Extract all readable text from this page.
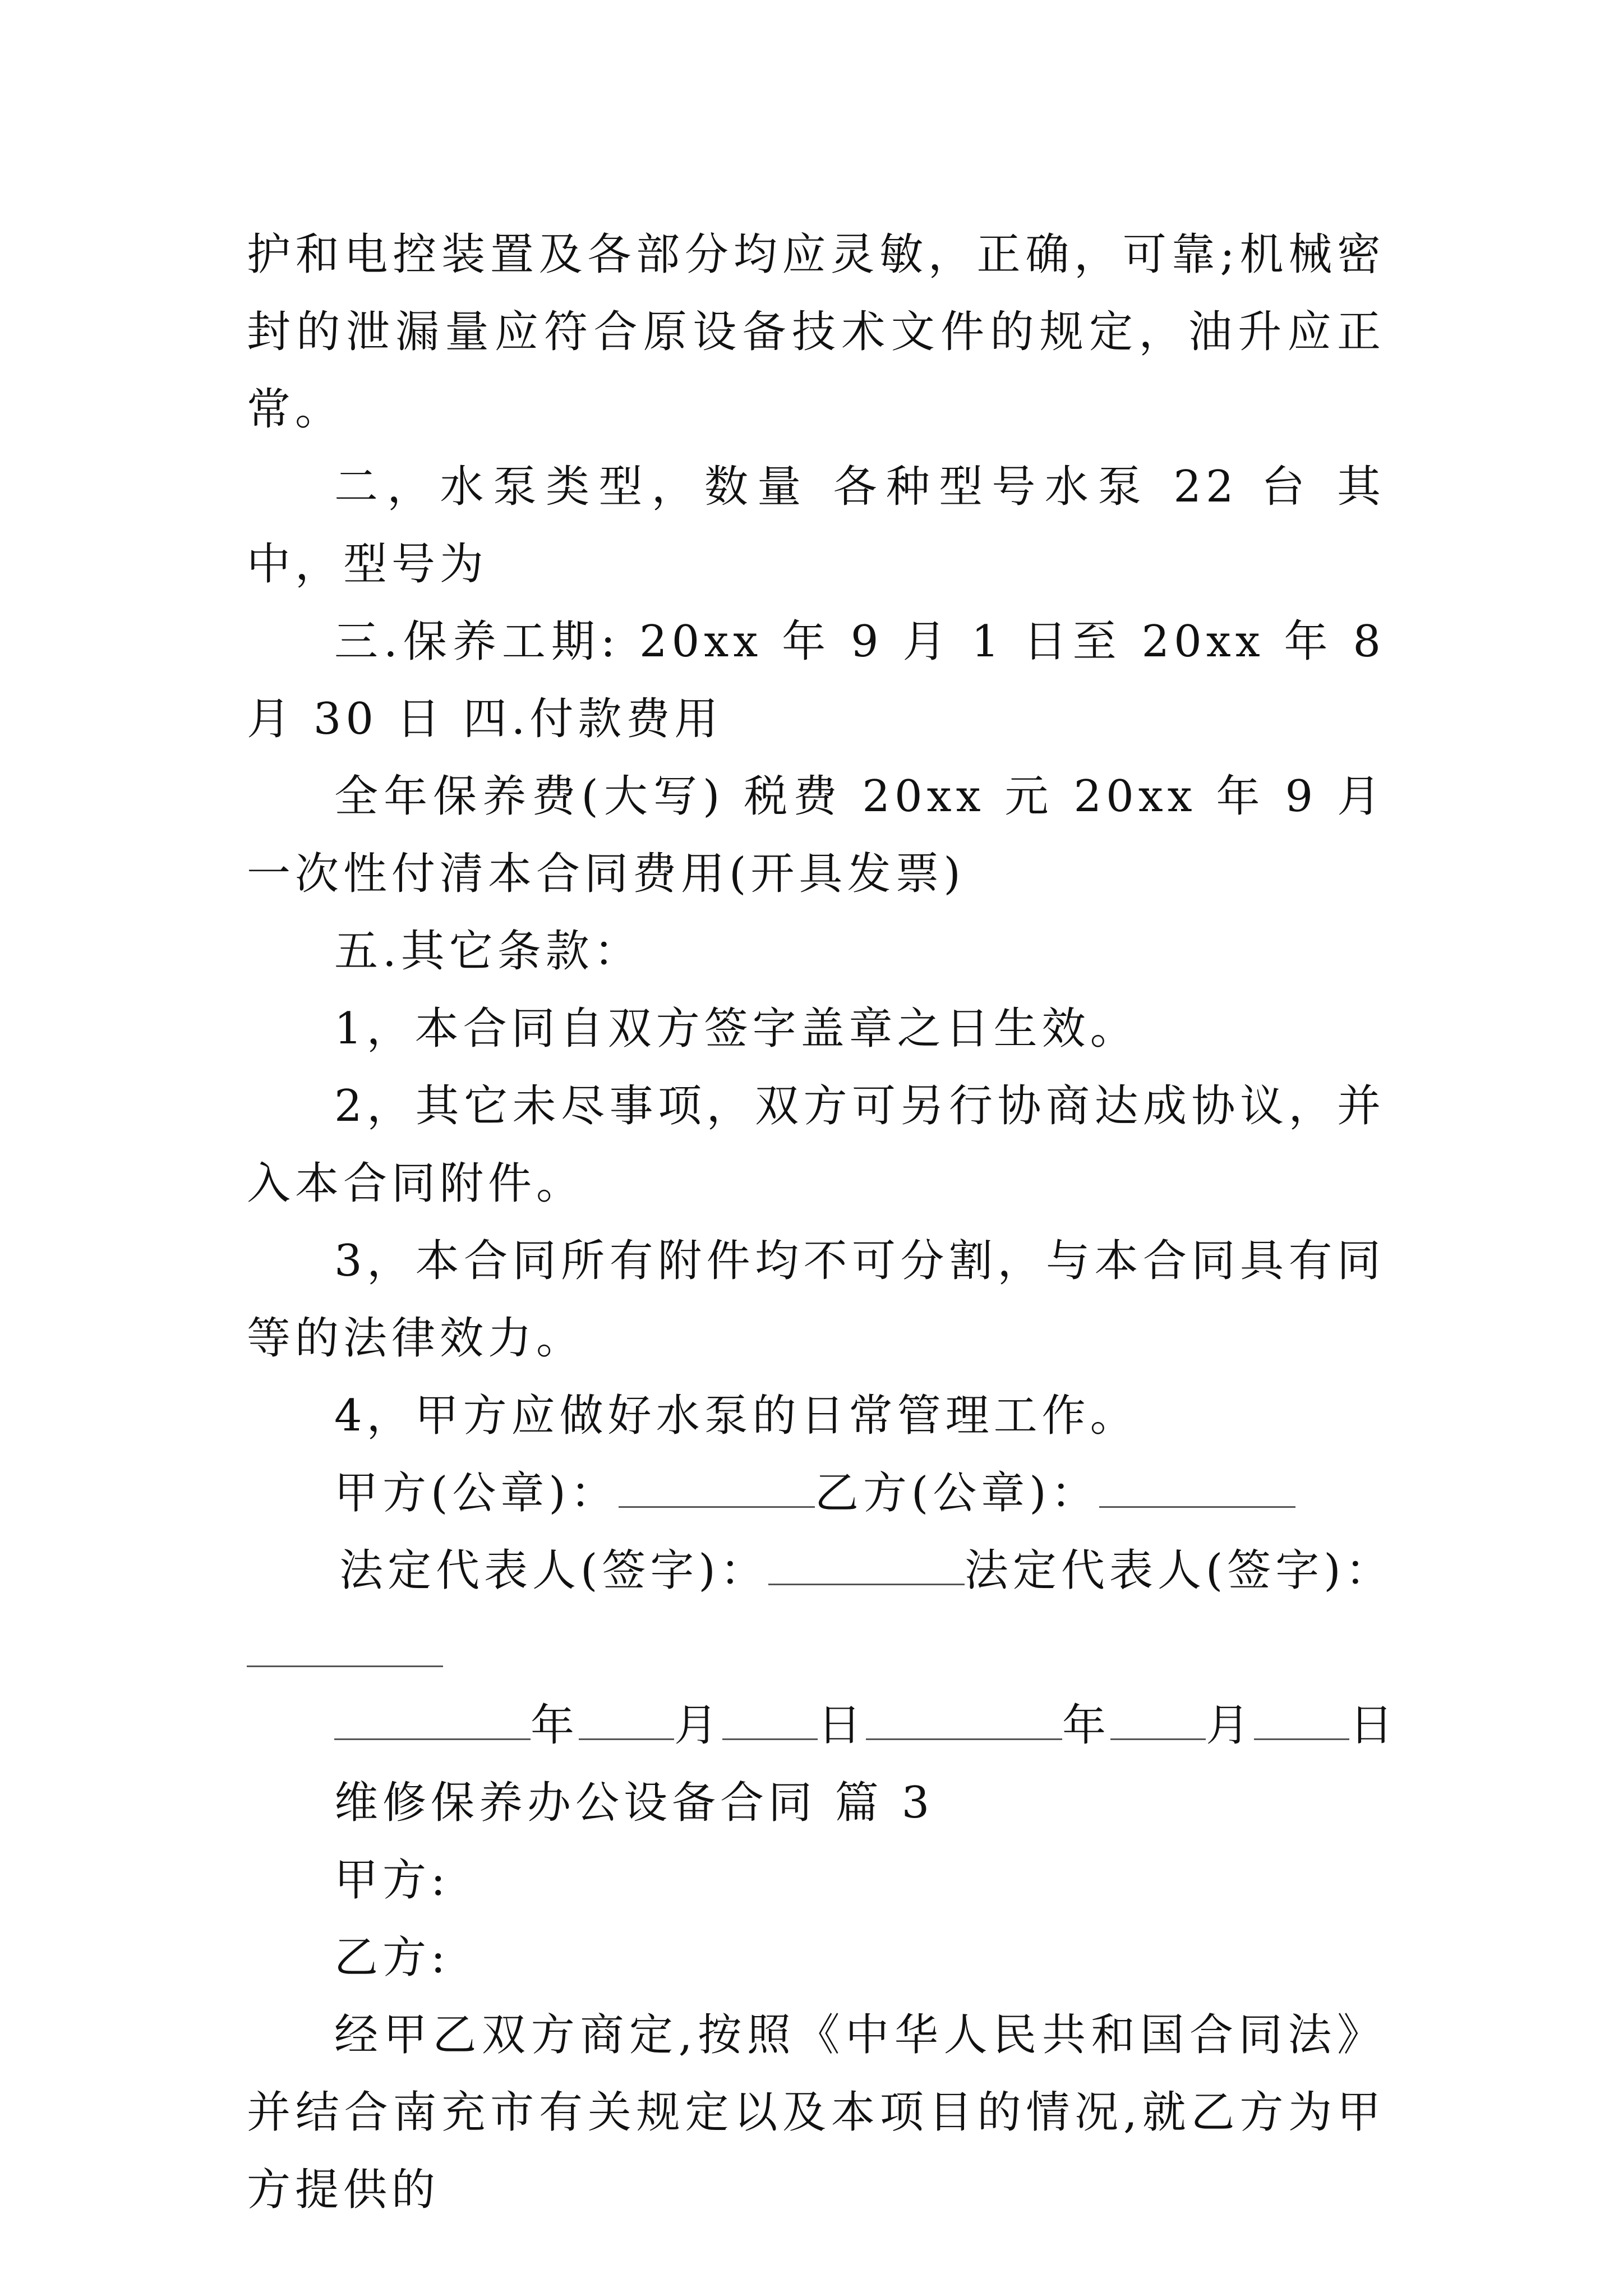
护和电控装置及各部分均应灵敏，正确，可靠;机械密封的泄漏量应符合原设备技术文件的规定，油升应正常。

二，水泵类型，数量 各种型号水泵 22 台 其中，型号为

三.保养工期: 20xx 年 9 月 1 日至 20xx 年 8 月 30 日 四.付款费用

全年保养费(大写) 税费 20xx 元 20xx 年 9 月一次性付清本合同费用(开具发票)

五.其它条款：

1，本合同自双方签字盖章之日生效。

2，其它未尽事项，双方可另行协商达成协议，并入本合同附件。

3，本合同所有附件均不可分割，与本合同具有同等的法律效力。

4，甲方应做好水泵的日常管理工作。

甲方(公章)：	乙方(公章)：

法定代表人(签字)：	法定代表人(签字)：

年 月 日	年 月 日

维修保养办公设备合同 篇 3

甲方:

乙方:

经甲乙双方商定,按照《中华人民共和国合同法》并结合南充市有关规定以及本项目的情况,就乙方为甲方提供的
